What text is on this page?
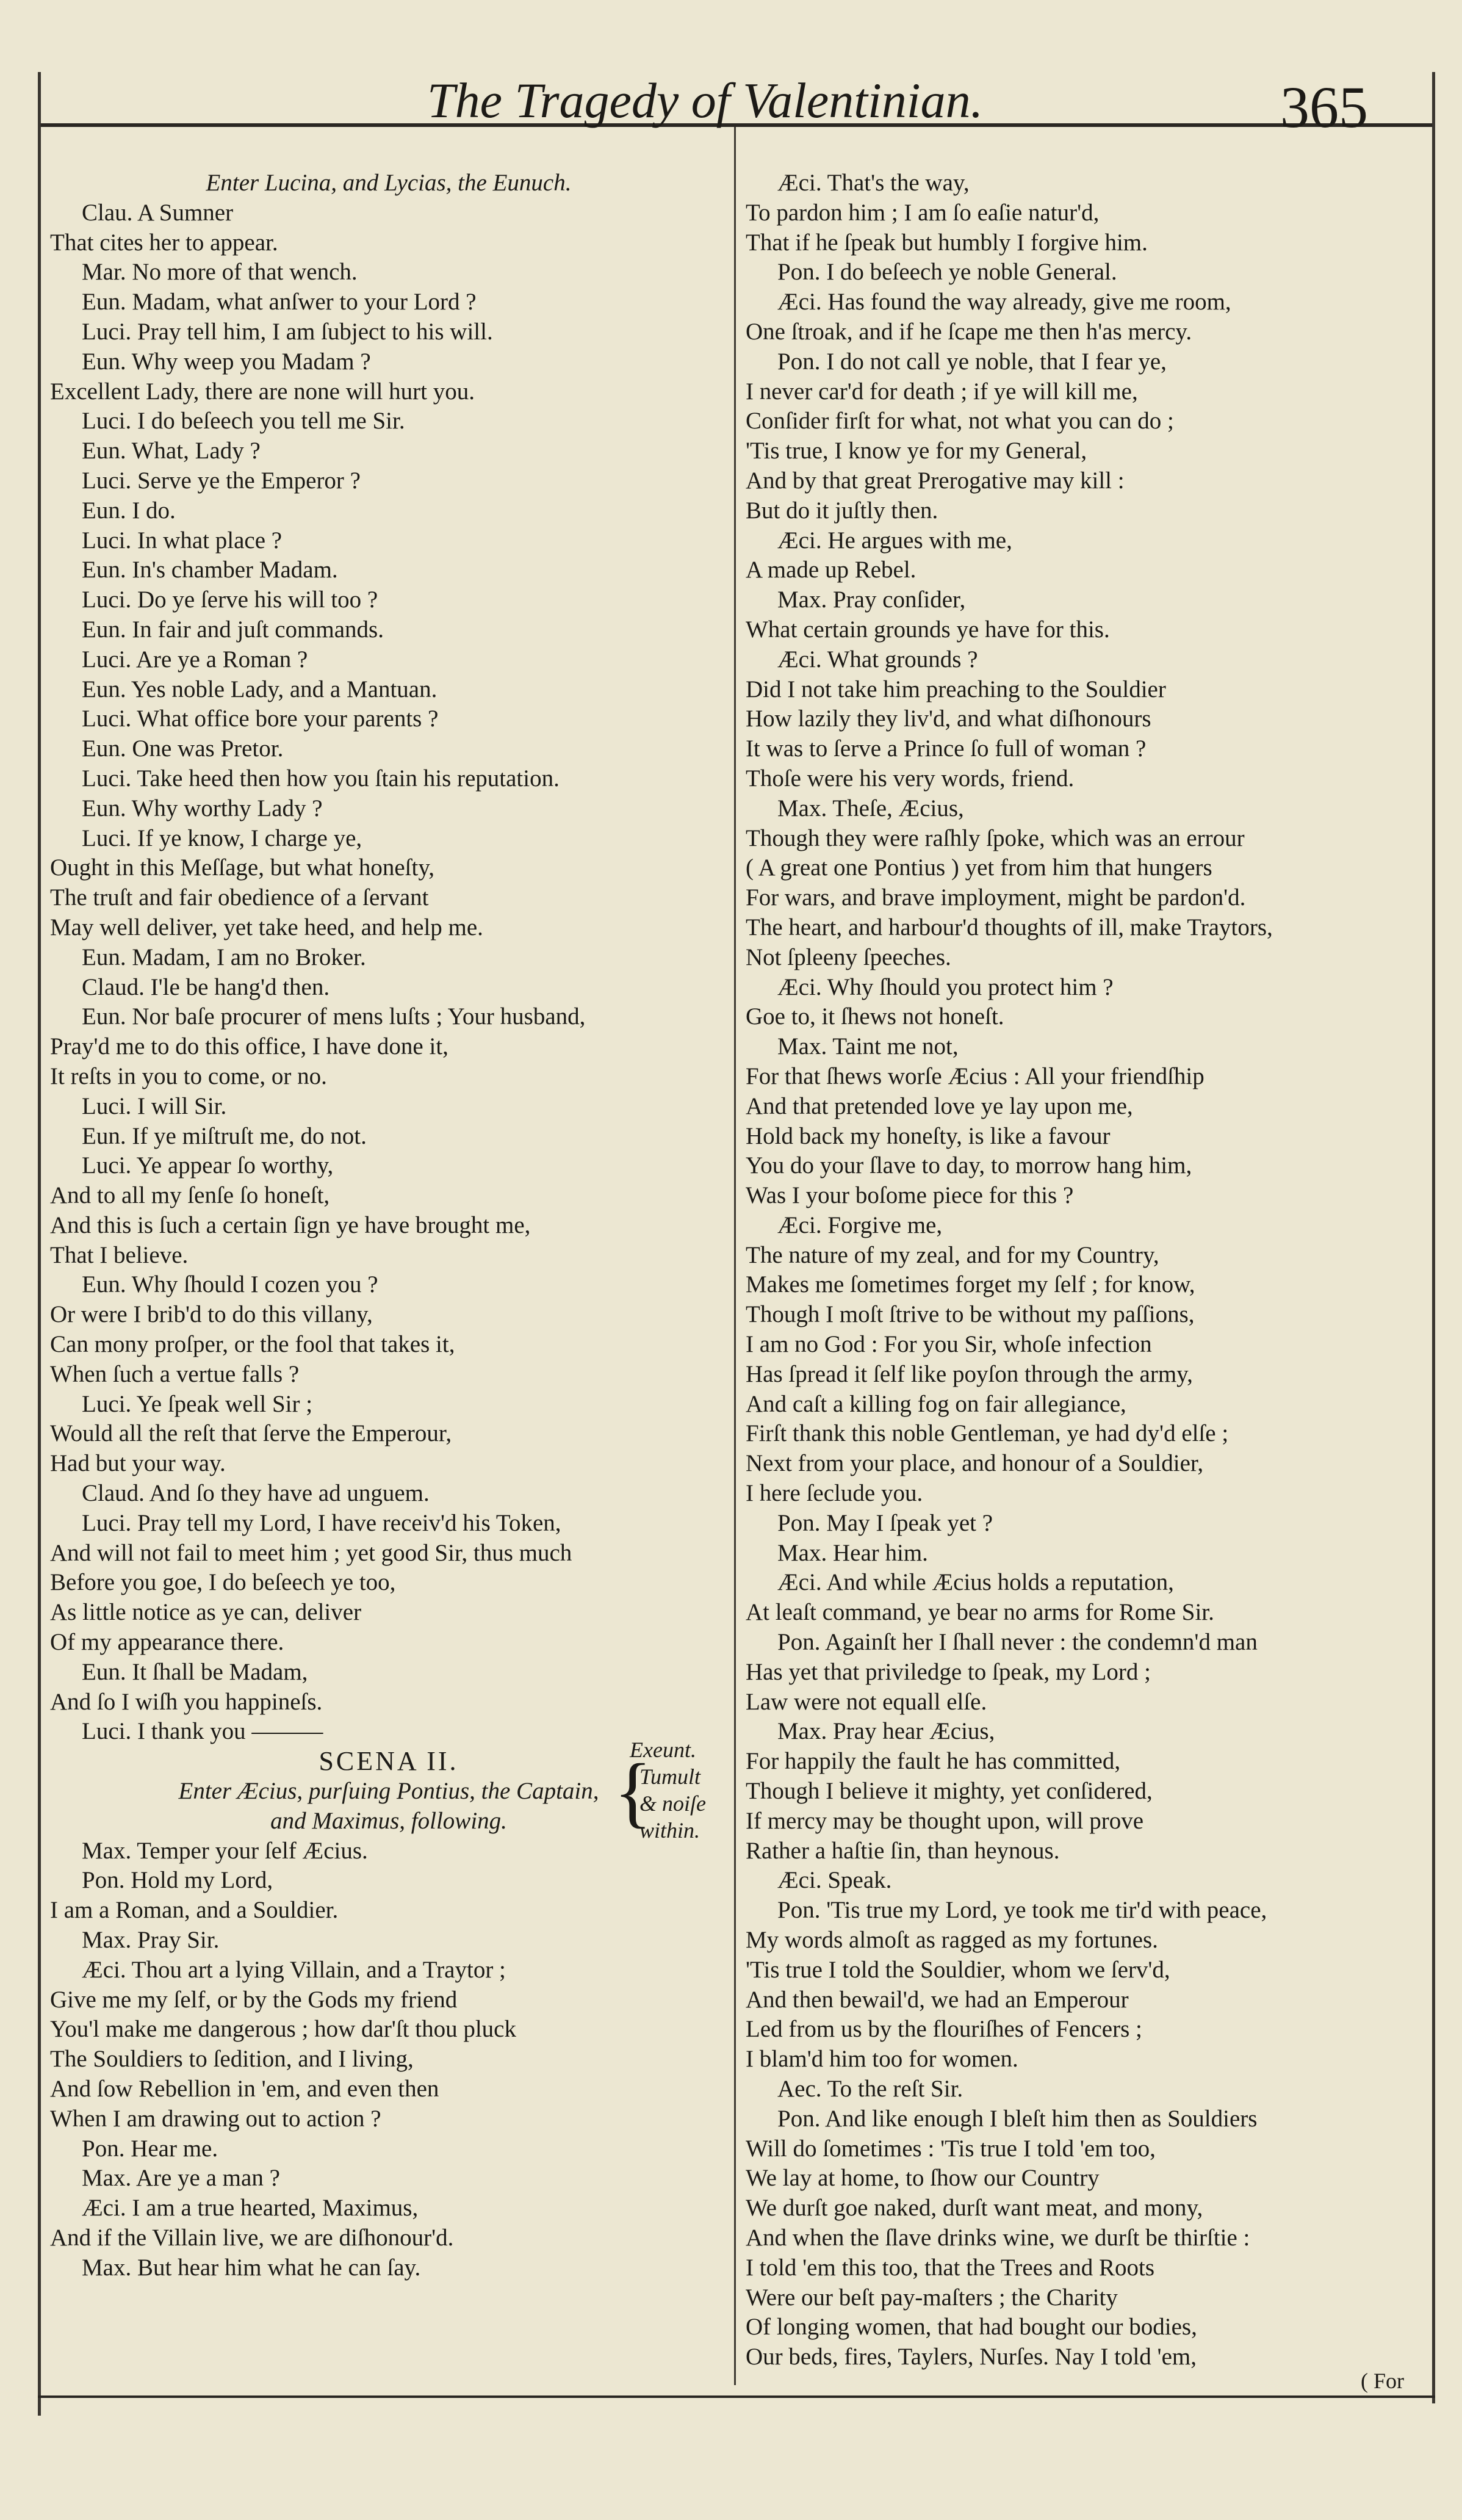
The Tragedy of Valentinian.	365
Enter Lucina, and Lycias, the Eunuch.
Clau. A Sumner
That cites her to appear.
Mar. No more of that wench.
Eun. Madam, what anſwer to your Lord ?
Luci. Pray tell him, I am ſubject to his will.
Eun. Why weep you Madam ?
Excellent Lady, there are none will hurt you.
Luci. I do beſeech you tell me Sir.
Eun. What, Lady ?
Luci. Serve ye the Emperor ?
Eun. I do.
Luci. In what place ?
Eun. In's chamber Madam.
Luci. Do ye ſerve his will too ?
Eun. In fair and juſt commands.
Luci. Are ye a Roman ?
Eun. Yes noble Lady, and a Mantuan.
Luci. What office bore your parents ?
Eun. One was Pretor.
Luci. Take heed then how you ſtain his reputation.
Eun. Why worthy Lady ?
Luci. If ye know, I charge ye,
Ought in this Meſſage, but what honeſty,
The truſt and fair obedience of a ſervant
May well deliver, yet take heed, and help me.
Eun. Madam, I am no Broker.
Claud. I'le be hang'd then.
Eun. Nor baſe procurer of mens luſts ; Your husband,
Pray'd me to do this office, I have done it,
It reſts in you to come, or no.
Luci. I will Sir.
Eun. If ye miſtruſt me, do not.
Luci. Ye appear ſo worthy,
And to all my ſenſe ſo honeſt,
And this is ſuch a certain ſign ye have brought me,
That I believe.
Eun. Why ſhould I cozen you ?
Or were I brib'd to do this villany,
Can mony proſper, or the fool that takes it,
When ſuch a vertue falls ?
Luci. Ye ſpeak well Sir ;
Would all the reſt that ſerve the Emperour,
Had but your way.
Claud. And ſo they have ad unguem.
Luci. Pray tell my Lord, I have receiv'd his Token,
And will not fail to meet him ; yet good Sir, thus much
Before you goe, I do beſeech ye too,
As little notice as ye can, deliver
Of my appearance there.
Eun. It ſhall be Madam,
And ſo I wiſh you happineſs.
Luci. I thank you ———
SCENA II.
Enter Æcius, purſuing Pontius, the Captain,
and Maximus, following.
Max. Temper your ſelf Æcius.
Pon. Hold my Lord,
I am a Roman, and a Souldier.
Max. Pray Sir.
Æci. Thou art a lying Villain, and a Traytor ;
Give me my ſelf, or by the Gods my friend
You'l make me dangerous ; how dar'ſt thou pluck
The Souldiers to ſedition, and I living,
And ſow Rebellion in 'em, and even then
When I am drawing out to action ?
Pon. Hear me.
Max. Are ye a man ?
Æci. I am a true hearted, Maximus,
And if the Villain live, we are diſhonour'd.
Max. But hear him what he can ſay.
Æci. That's the way,
To pardon him ; I am ſo eaſie natur'd,
That if he ſpeak but humbly I forgive him.
Pon. I do beſeech ye noble General.
Æci. Has found the way already, give me room,
One ſtroak, and if he ſcape me then h'as mercy.
Pon. I do not call ye noble, that I fear ye,
I never car'd for death ; if ye will kill me,
Conſider firſt for what, not what you can do ;
'Tis true, I know ye for my General,
And by that great Prerogative may kill :
But do it juſtly then.
Æci. He argues with me,
A made up Rebel.
Max. Pray conſider,
What certain grounds ye have for this.
Æci. What grounds ?
Did I not take him preaching to the Souldier
How lazily they liv'd, and what diſhonours
It was to ſerve a Prince ſo full of woman ?
Thoſe were his very words, friend.
Max. Theſe, Æcius,
Though they were raſhly ſpoke, which was an errour
( A great one Pontius ) yet from him that hungers
For wars, and brave imployment, might be pardon'd.
The heart, and harbour'd thoughts of ill, make Traytors,
Not ſpleeny ſpeeches.
Æci. Why ſhould you protect him ?
Goe to, it ſhews not honeſt.
Max. Taint me not,
For that ſhews worſe Æcius : All your friendſhip
And that pretended love ye lay upon me,
Hold back my honeſty, is like a favour
You do your ſlave to day, to morrow hang him,
Was I your boſome piece for this ?
Æci. Forgive me,
The nature of my zeal, and for my Country,
Makes me ſometimes forget my ſelf ; for know,
Though I moſt ſtrive to be without my paſſions,
I am no God : For you Sir, whoſe infection
Has ſpread it ſelf like poyſon through the army,
And caſt a killing fog on fair allegiance,
Firſt thank this noble Gentleman, ye had dy'd elſe ;
Next from your place, and honour of a Souldier,
I here ſeclude you.
Pon. May I ſpeak yet ?
Max. Hear him.
Æci. And while Æcius holds a reputation,
At leaſt command, ye bear no arms for Rome Sir.
Pon. Againſt her I ſhall never : the condemn'd man
Has yet that priviledge to ſpeak, my Lord ;
Law were not equall elſe.
Max. Pray hear Æcius,
For happily the fault he has committed,
Though I believe it mighty, yet conſidered,
If mercy may be thought upon, will prove
Rather a haſtie ſin, than heynous.
Æci. Speak.
Pon. 'Tis true my Lord, ye took me tir'd with peace,
My words almoſt as ragged as my fortunes.
'Tis true I told the Souldier, whom we ſerv'd,
And then bewail'd, we had an Emperour
Led from us by the flouriſhes of Fencers ;
I blam'd him too for women.
Aec. To the reſt Sir.
Pon. And like enough I bleſt him then as Souldiers
Will do ſometimes : 'Tis true I told 'em too,
We lay at home, to ſhow our Country
We durſt goe naked, durſt want meat, and mony,
And when the ſlave drinks wine, we durſt be thirſtie :
I told 'em this too, that the Trees and Roots
Were our beſt pay-maſters ; the Charity
Of longing women, that had bought our bodies,
Our beds, fires, Taylers, Nurſes. Nay I told 'em,
{
Exeunt.
Tumult
& noiſe
within.
( For
